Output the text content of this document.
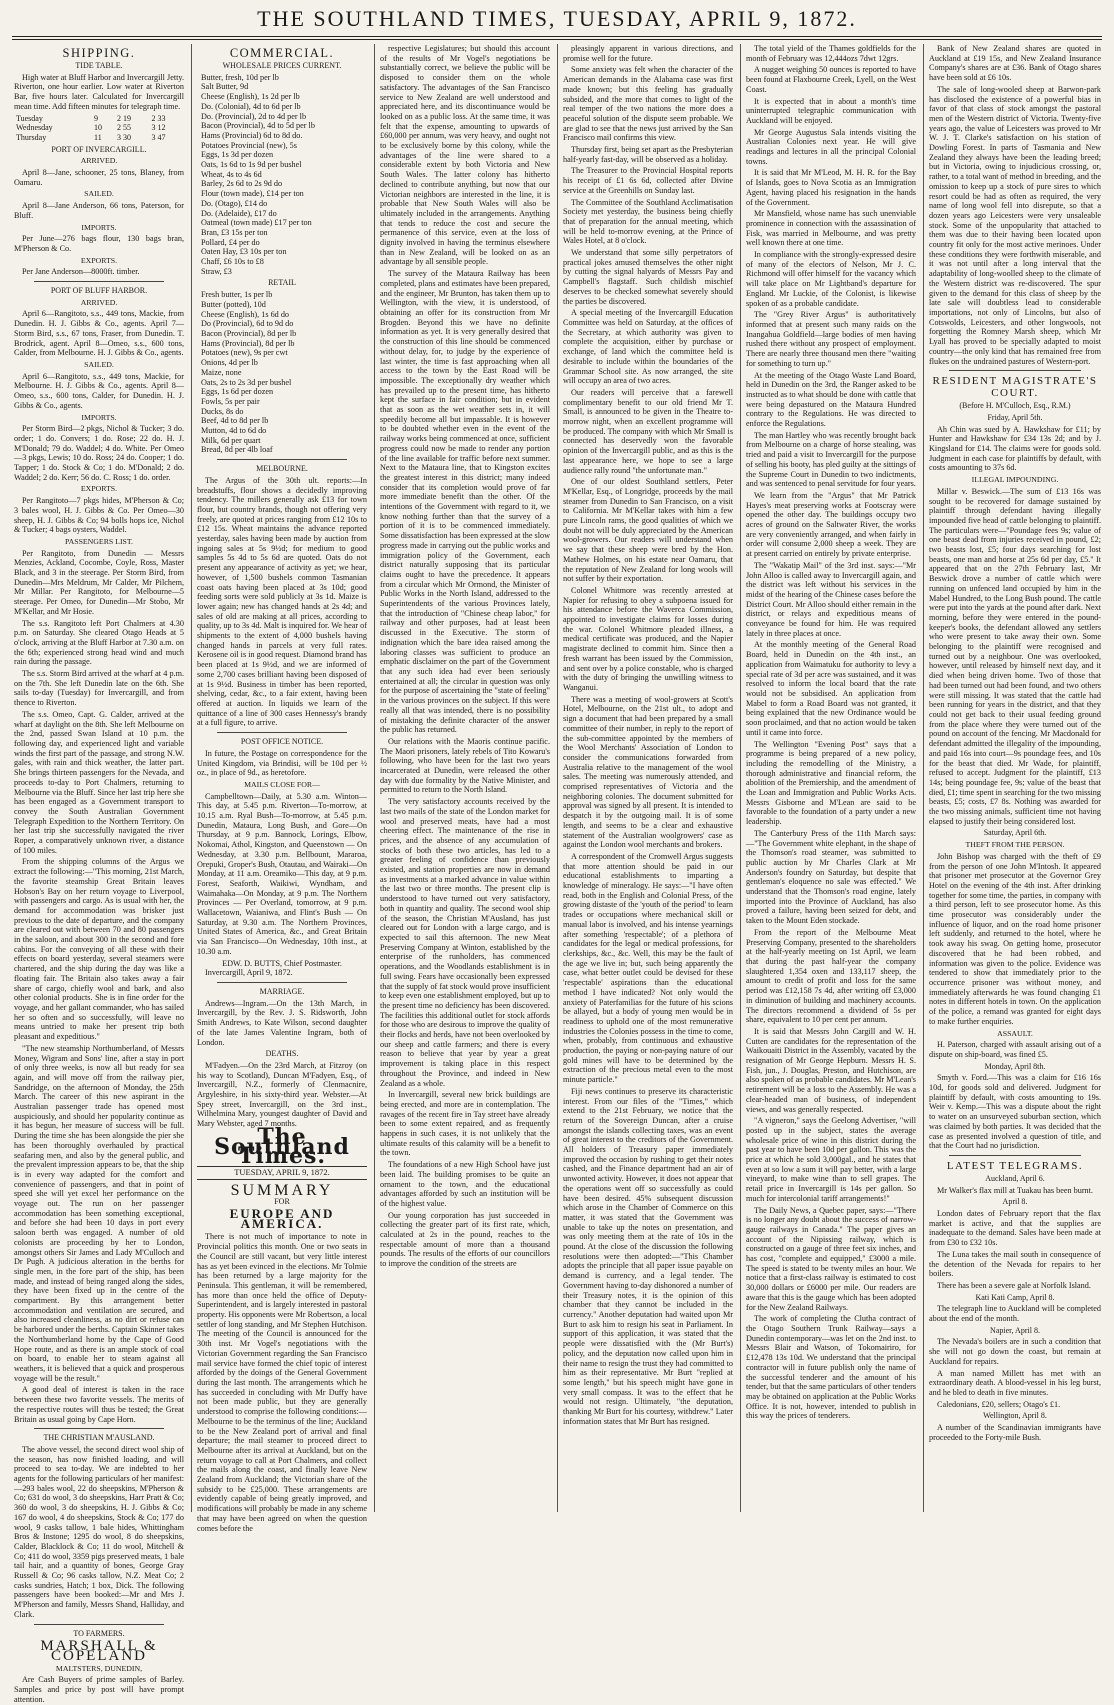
THE SOUTHLAND TIMES, TUESDAY, APRIL 9, 1872.
SHIPPING.
TIDE TABLE.

High water at Bluff Harbor and Invercargill Jetty. Riverton, one hour earlier. Low water at Riverton Bar, five hours later. Calculated for Invercargill mean time. Add fifteen minutes for telegraph time.

Tuesday	9	2 19	2 33
Wednesday	10	2 55	3 12
Thursday	11	3 30	3 47
PORT OF INVERCARGILL.
ARRIVED.

April 8—Jane, schooner, 25 tons, Blaney, from Oamaru.

SAILED.

April 8—Jane Anderson, 66 tons, Paterson, for Bluff.

IMPORTS.

Per June—276 bags flour, 130 bags bran, M'Pherson & Co.

EXPORTS.

Per Jane Anderson—8000ft. timber.

PORT OF BLUFF HARBOR.
ARRIVED.

April 6—Rangitoto, s.s., 449 tons, Mackie, from Dunedin. H. J. Gibbs & Co., agents. April 7—Storm Bird, s.s., 67 tons, Fraser, from Dunedin. T. Brodrick, agent. April 8—Omeo, s.s., 600 tons, Calder, from Melbourne. H. J. Gibbs & Co., agents.

SAILED.

April 6—Rangitoto, s.s., 449 tons, Mackie, for Melbourne. H. J. Gibbs & Co., agents. April 8—Omeo, s.s., 600 tons, Calder, for Dunedin. H. J. Gibbs & Co., agents.

IMPORTS.

Per Storm Bird—2 pkgs, Nichol & Tucker; 3 do. order; 1 do. Convers; 1 do. Rose; 22 do. H. J. M'Donald; 79 do. Waddel; 4 do. White. Per Omeo—3 pkgs, Lewis; 10 do. Ross; 24 do. Cooper; 1 do. Tapper; 1 do. Stock & Co; 1 do. M'Donald; 2 do. Waddel; 2 do. Kerr; 56 do. C. Ross; 1 do. order.

EXPORTS.

Per Rangitoto—7 pkgs hides, M'Pherson & Co; 3 bales wool, H. J. Gibbs & Co. Per Omeo—30 sheep, H. J. Gibbs & Co; 94 bolls hops ice, Nichol & Tucker; 4 bags oysters, Waddel.

PASSENGERS LIST.

Per Rangitoto, from Dunedin — Messrs Menzies, Ackland, Cocombe, Coyle, Ross, Master Black, and 3 in the steerage. Per Storm Bird, from Dunedin—Mrs Meldrum, Mr Calder, Mr Pilchem, Mr Millar. Per Rangitoto, for Melbourne—5 steerage. Per Omeo, for Dunedin—Mr Stobo, Mr M'Kellar, and Mr Hosie.

The s.s. Rangitoto left Port Chalmers at 4.30 p.m. on Saturday. She cleared Otago Heads at 5 o'clock, arriving at the Bluff Harbor at 7.30 a.m. on the 6th; experienced strong head wind and much rain during the passage.

The s.s. Storm Bird arrived at the wharf at 4 p.m. on the 7th. She left Dunedin late on the 6th. She sails to-day (Tuesday) for Invercargill, and from thence to Riverton.

The s.s. Omeo, Capt. G. Calder, arrived at the wharf at daylight on the 8th. She left Melbourne on the 2nd, passed Swan Island at 10 p.m. the following day, and experienced light and variable winds the first part of the passage, and strong N.W. gales, with rain and thick weather, the latter part. She brings thirteen passengers for the Nevada, and proceeds to-day to Port Chalmers, returning to Melbourne via the Bluff. Since her last trip here she has been engaged as a Government transport to convey the South Australian Government Telegraph Expedition to the Northern Territory. On her last trip she successfully navigated the river Roper, a comparatively unknown river, a distance of 100 miles.

From the shipping columns of the Argus we extract the following:—"This morning, 21st March, the favorite steamship Great Britain leaves Hobson's Bay on her return voyage to Liverpool, with passengers and cargo. As is usual with her, the demand for accommodation was brisker just previous to the date of departure, and the company are cleared out with between 70 and 80 passengers in the saloon, and about 300 in the second and fore cabins. For the conveying of all these with their effects on board yesterday, several steamers were chartered, and the ship during the day was like a floating fair. The Britain also takes away a fair share of cargo, chiefly wool and bark, and also other colonial products. She is in fine order for the voyage, and her gallant commander, who has sailed her so often and so successfully, will leave no means untried to make her present trip both pleasant and expeditious."

"The new steamship Northumberland, of Messrs Money, Wigram and Sons' line, after a stay in port of only three weeks, is now all but ready for sea again, and will move off from the railway pier, Sandridge, on the afternoon of Monday, the 25th March. The career of this new aspirant in the Australian passenger trade has opened most auspiciously, and should her popularity continue as it has begun, her measure of success will be full. During the time she has been alongside the pier she has been thoroughly overhauled by practical seafaring men, and also by the general public, and the prevalent impression appears to be, that the ship is in every way adapted for the comfort and convenience of passengers, and that in point of speed she will yet excel her performance on the voyage out. The run on her passenger accommodation has been something exceptional, and before she had been 10 days in port every saloon berth was engaged. A number of old colonists are proceeding by her to London, amongst others Sir James and Lady M'Culloch and Dr Pugh. A judicious alteration in the berths for single men, in the fore part of the ship, has been made, and instead of being ranged along the sides, they have been fixed up in the centre of the compartment. By this arrangement better accommodation and ventilation are secured, and also increased cleanliness, as no dirt or refuse can be harbored under the berths. Captain Skinner takes the Northumberland home by the Cape of Good Hope route, and as there is an ample stock of coal on board, to enable her to steam against all weathers, it is believed that a quick and prosperous voyage will be the result."

A good deal of interest is taken in the race between these two favorite vessels. The merits of the respective routes will thus be tested; the Great Britain as usual going by Cape Horn.

THE CHRISTIAN M'AUSLAND.

The above vessel, the second direct wool ship of the season, has now finished loading, and will proceed to sea to-day. We are indebted to her agents for the following particulars of her manifest:—293 bales wool, 22 do sheepskins, M'Pherson & Co; 631 do wool, 3 do sheepskins, Harr Pratt & Co; 360 do wool, 3 do sheepskins, H. J. Gibbs & Co; 167 do wool, 4 do sheepskins, Stock & Co; 177 do wool, 9 casks tallow, 1 bale hides, Whittingham Bros & Instone; 1295 do wool, 8 do sheepskins, Calder, Blacklock & Co; 11 do wool, Mitchell & Co; 411 do wool, 3359 pigs preserved meats, 1 bale tail hair, and a quantity of bones, George Gray Russell & Co; 96 casks tallow, N.Z. Meat Co; 2 casks sundries, Hatch; 1 box, Dick. The following passengers have been booked:—Mr and Mrs J. M'Pherson and family, Messrs Shand, Halliday, and Clark.

TO FARMERS.
MARSHALL & COPELAND
MALTSTERS, DUNEDIN,

Are Cash Buyers of prime samples of Barley. Samples and price by post will have prompt attention.

COMMERCIAL.
WHOLESALE PRICES CURRENT.
Butter, fresh, 10d per lb
Salt Butter, 9d
Cheese (English), 1s 2d per lb
Do. (Colonial), 4d to 6d per lb
Do. (Provincial), 2d to 4d per lb
Bacon (Provincial), 4d to 5d per lb
Hams (Provincial) 6d to 8d do.
Potatoes Provincial (new), 5s
Eggs, 1s 3d per dozen
Oats, 1s 6d to 1s 9d per bushel
Wheat, 4s to 4s 6d
Barley, 2s 6d to 2s 9d do
Flour (town made), £14 per ton
Do. (Otago), £14 do
Do. (Adelaide), £17 do
Oatmeal (town made) £17 per ton
Bran, £3 15s per ton
Pollard, £4 per do
Oaten Hay, £3 10s per ton
Chaff, £6 10s to £8
Straw, £3
RETAIL
Fresh butter, 1s per lb
Butter (potted), 10d
Cheese (English), 1s 6d do
Do (Provincial), 6d to 9d do
Bacon (Provincial), 8d per lb
Hams (Provincial), 8d per lb
Potatoes (new), 9s per cwt
Onions, 4d per lb
Maize, none
Oats, 2s to 2s 3d per bushel
Eggs, 1s 6d per dozen
Fowls, 5s per pair
Ducks, 8s do
Beef, 4d to 8d per lb
Mutton, 4d to 6d do
Milk, 6d per quart
Bread, 8d per 4lb loaf
MELBOURNE.

The Argus of the 30th ult. reports:—In breadstuffs, flour shows a decidedly improving tendency. The millers generally ask £13 for town flour, but country brands, though not offering very freely, are quoted at prices ranging from £12 10s to £12 15s. Wheat maintains the advance reported yesterday, sales having been made by auction from ingoing sales at 5s 9½d; for medium to good samples 5s 4d to 5s 6d are quoted. Oats do not present any appearance of activity as yet; we hear, however, of 1,500 bushels common Tasmanian coast oats having been placed at 3s 10d; good feeding sorts were sold publicly at 3s 1d. Maize is lower again; new has changed hands at 2s 4d; and sales of old are making at all prices, according to quality, up to 3s 4d. Malt is inquired for. We hear of shipments to the extent of 4,000 bushels having changed hands in parcels at very full rates. Kerosene oil is in good request. Diamond brand has been placed at 1s 9½d, and we are informed of some 2,700 cases brilliant having been disposed of at 1s 9½d. Business in timber has been reported, shelving, cedar, &c., to a fair extent, having been offered at auction. In liquids we learn of the quittance of a line of 300 cases Hennessy's brandy at a full figure, to arrive.

POST OFFICE NOTICE.

In future, the Postage on correspondence for the United Kingdom, via Brindisi, will be 10d per ½ oz., in place of 9d., as heretofore.

MAILS CLOSE FOR—

Campbelltown—Daily, at 5.30 a.m. Winton—This day, at 5.45 p.m. Riverton—To-morrow, at 10.15 a.m. Ryal Bush—To-morrow, at 5.45 p.m. Dunedin, Mataura, Long Bush, and Gore—On Thursday, at 9 p.m. Bannock, Lorings, Elbow, Nokomai, Athol, Kingston, and Queenstown — On Wednesday, at 3.30 p.m. Bellbount, Mararoa, Orepuki, Groper's Bush, Otautau, and Wairaki—On Monday, at 11 a.m. Oreamiko—This day, at 9 p.m. Forest, Seaforth, Waikiwi, Wyndham, and Waimahaka—On Monday, at 9 p.m. The Northern Provinces — Per Overland, tomorrow, at 9 p.m. Wallacetown, Waianiwa, and Flint's Bush — On Saturday, at 9.30 a.m. The Northern Provinces, United States of America, &c., and Great Britain via San Francisco—On Wednesday, 10th inst., at 10.30 a.m.

EDW. D. BUTTS, Chief Postmaster.

Invercargill, April 9, 1872.

MARRIAGE.

Andrews—Ingram.—On the 13th March, in Invercargill, by the Rev. J. S. Ridsworth, John Smith Andrews, to Kate Wilson, second daughter of the late James Valentine Ingram, both of London.

DEATHS.

M'Fadyen.—On the 23rd March, at Fitzroy (on his way to Scotland), Duncan M'Fadyen, Esq., of Invercargill, N.Z., formerly of Clenmacnire, Argyleshire, in his sixty-third year. Webster.—At Spey street, Invercargill, on the 3rd inst., Wilhelmina Mary, youngest daughter of David and Mary Webster, aged 7 months.

The Southland Times.
TUESDAY, APRIL 9, 1872.
SUMMARY
FOR
EUROPE AND AMERICA.

There is not much of importance to note in Provincial politics this month. One or two seats in the Council are still vacant, but very little interest has as yet been evinced in the elections. Mr Tolmie has been returned by a large majority for the Peninsula. This gentleman, it will be remembered, has more than once held the office of Deputy-Superintendent, and is largely interested in pastoral property. His opponents were Mr Robertson, a local settler of long standing, and Mr Stephen Hutchison. The meeting of the Council is announced for the 30th inst. Mr Vogel's negotiations with the Victorian Government regarding the San Francisco mail service have formed the chief topic of interest afforded by the doings of the General Government during the last month. The arrangements which he has succeeded in concluding with Mr Duffy have not been made public, but they are generally understood to comprise the following conditions:—Melbourne to be the terminus of the line; Auckland to be the New Zealand port of arrival and final departure; the mail steamer to proceed direct to Melbourne after its arrival at Auckland, but on the return voyage to call at Port Chalmers, and collect the mails along the coast, and finally leave New Zealand from Auckland; the Victorian share of the subsidy to be £25,000. These arrangements are evidently capable of being greatly improved, and modifications will probably be made in any scheme that may have been agreed on when the question comes before the

respective Legislatures; but should this account of the results of Mr Vogel's negotiations be substantially correct, we believe the public will be disposed to consider them on the whole satisfactory. The advantages of the San Francisco service to New Zealand are well understood and appreciated here, and its discontinuance would be looked on as a public loss. At the same time, it was felt that the expense, amounting to upwards of £60,000 per annum, was very heavy, and ought not to be exclusively borne by this colony, while the advantages of the line were shared to a considerable extent by both Victoria and New South Wales. The latter colony has hitherto declined to contribute anything, but now that our Victorian neighbors are interested in the line, it is probable that New South Wales will also be ultimately included in the arrangements. Anything that tends to reduce the cost and secure the permanence of this service, even at the loss of dignity involved in having the terminus elsewhere than in New Zealand, will be looked on as an advantage by all sensible people.

The survey of the Mataura Railway has been completed, plans and estimates have been prepared, and the engineer, Mr Brunton, has taken them up to Wellington, with the view, it is understood, of obtaining an offer for its construction from Mr Brogden. Beyond this we have no definite information as yet. It is very generally desired that the construction of this line should be commenced without delay, for, to judge by the experience of last winter, the time is fast approaching when all access to the town by the East Road will be impossible. The exceptionally dry weather which has prevailed up to the present time, has hitherto kept the surface in fair condition; but in evident that as soon as the wet weather sets in, it will speedily become all but impassable. It is however to be doubted whether even in the event of the railway works being commenced at once, sufficient progress could now be made to render any portion of the line available for traffic before next summer. Next to the Mataura line, that to Kingston excites the greatest interest in this district; many indeed consider that its completion would prove of far more immediate benefit than the other. Of the intentions of the Government with regard to it, we know nothing further than that the survey of a portion of it is to be commenced immediately. Some dissatisfaction has been expressed at the slow progress made in carrying out the public works and immigration policy of the Government, each district naturally supposing that its particular claims ought to have the precedence. It appears from a circular which Mr Ormond, the Minister of Public Works in the North Island, addressed to the Superintendents of the various Provinces lately, that the introduction of "Chinese cheap labor," for railway and other purposes, had at least been discussed in the Executive. The storm of indignation which the bare idea raised among the laboring classes was sufficient to produce an emphatic disclaimer on the part of the Government that any such idea had ever been seriously entertained at all; the circular in question was only for the purpose of ascertaining the "state of feeling" in the various provinces on the subject. If this were really all that was intended, there is no possibility of mistaking the definite character of the answer the public has returned.

Our relations with the Maoris continue pacific. The Maori prisoners, lately rebels of Tito Kowaru's following, who have been for the last two years incarcerated at Dunedin, were released the other day with due formality by the Native Minister, and permitted to return to the North Island.

The very satisfactory accounts received by the last two mails of the state of the London market for wool and preserved meats, have had a most cheering effect. The maintenance of the rise in prices, and the absence of any accumulation of stocks of both these two articles, has led to a greater feeling of confidence than previously existed, and station properties are now in demand as investments at a marked advance in value within the last two or three months. The present clip is understood to have turned out very satisfactory, both in quantity and quality. The second wool ship of the season, the Christian M'Ausland, has just cleared out for London with a large cargo, and is expected to sail this afternoon. The new Meat Preserving Company at Winton, established by the enterprise of the runholders, has commenced operations, and the Woodlands establishment is in full swing. Fears have occasionally been expressed that the supply of fat stock would prove insufficient to keep even one establishment employed, but up to the present time no deficiency has been discovered. The facilities this additional outlet for stock affords for those who are desirous to improve the quality of their flocks and herds, have not been overlooked by our sheep and cattle farmers; and there is every reason to believe that year by year a great improvement is taking place in this respect throughout the Province, and indeed in New Zealand as a whole.

In Invercargill, several new brick buildings are being erected, and more are in contemplation. The ravages of the recent fire in Tay street have already been to some extent repaired, and as frequently happens in such cases, it is not unlikely that the ultimate results of this calamity will be a benefit to the town.

The foundations of a new High School have just been laid. The building promises to be quite an ornament to the town, and the educational advantages afforded by such an institution will be of the highest value.

Our young corporation has just succeeded in collecting the greater part of its first rate, which, calculated at 2s in the pound, reaches to the respectable amount of more than a thousand pounds. The results of the efforts of our councillors to improve the condition of the streets are

pleasingly apparent in various directions, and promise well for the future.

Some anxiety was felt when the character of the American demands in the Alabama case was first made known; but this feeling has gradually subsided, and the more that comes to light of the real temper of the two nations the more does a peaceful solution of the dispute seem probable. We are glad to see that the news just arrived by the San Francisco mail confirms this view.

Thursday first, being set apart as the Presbyterian half-yearly fast-day, will be observed as a holiday.

The Treasurer to the Provincial Hospital reports his receipt of £1 6s 6d, collected after Divine service at the Greenhills on Sunday last.

The Committee of the Southland Acclimatisation Society met yesterday, the business being chiefly that of preparation for the annual meeting, which will be held to-morrow evening, at the Prince of Wales Hotel, at 8 o'clock.

We understand that some silly perpetrators of practical jokes amused themselves the other night by cutting the signal halyards of Messrs Pay and Campbell's flagstaff. Such childish mischief deserves to be checked somewhat severely should the parties be discovered.

A special meeting of the Invercargill Education Committee was held on Saturday, at the offices of the Secretary, at which authority was given to complete the acquisition, either by purchase or exchange, of land which the committee held is desirable to include within the boundaries of the Grammar School site. As now arranged, the site will occupy an area of two acres.

Our readers will perceive that a farewell complimentary benefit to our old friend Mr T. Small, is announced to be given in the Theatre to-morrow night, when an excellent programme will be produced. The company with which Mr Small is connected has deservedly won the favorable opinion of the Invercargill public, and as this is the last appearance here, we hope to see a large audience rally round "the unfortunate man."

One of our oldest Southland settlers, Peter M'Kellar, Esq., of Longridge, proceeds by the mail steamer from Dunedin to San Francisco, on a visit to California. Mr M'Kellar takes with him a few pure Lincoln rams, the good qualities of which we doubt not will be duly appreciated by the American wool-growers. Our readers will understand when we say that these sheep were bred by the Hon. Mathew Holmes, on his estate near Oamaru, that the reputation of New Zealand for long wools will not suffer by their exportation.

Colonel Whitmore was recently arrested at Napier for refusing to obey a subpoena issued for his attendance before the Waverca Commission, appointed to investigate claims for losses during the war. Colonel Whitmore pleaded illness, a medical certificate was produced, and the Napier magistrate declined to commit him. Since then a fresh warrant has been issued by the Commission, and sent over by a police constable, who is charged with the duty of bringing the unwilling witness to Wanganui.

There was a meeting of wool-growers at Scott's Hotel, Melbourne, on the 21st ult., to adopt and sign a document that had been prepared by a small committee of their number, in reply to the report of the sub-committee appointed by the members of the Wool Merchants' Association of London to consider the communications forwarded from Australia relative to the management of the wool sales. The meeting was numerously attended, and comprised representatives of Victoria and the neighboring colonies. The document submitted for approval was signed by all present. It is intended to despatch it by the outgoing mail. It is of some length, and seems to be a clear and exhaustive statement of the Australian woolgrowers' case as against the London wool merchants and brokers.

A correspondent of the Cromwell Argus suggests that more attention should be paid in our educational establishments to imparting a knowledge of mineralogy. He says:—"I have often read, both in the English and Colonial Press, of the growing distaste of the 'youth of the period' to learn trades or occupations where mechanical skill or manual labor is involved, and his intense yearnings after something 'respectable'; of a plethora of candidates for the legal or medical professions, for clerkships, &c., &c. Well, this may be the fault of the age we live in; but, such being apparently the case, what better outlet could be devised for these 'respectable' aspirations than the educational method I have indicated? Not only would the anxiety of Paterfamilias for the future of his scions be allayed, but a body of young men would be in readiness to uphold one of the most remunerative industries the Colonies possess in the time to come, when, probably, from continuous and exhaustive production, the paying or non-paying nature of our gold mines will have to be determined by the extraction of the precious metal even to the most minute particle."

Fiji news continues to preserve its characteristic interest. From our files of the "Times," which extend to the 21st February, we notice that the return of the Sovereign Duncan, after a cruise amongst the islands collecting taxes, was an event of great interest to the creditors of the Government. All holders of Treasury paper immediately improved the occasion by rushing to get their notes cashed, and the Finance department had an air of unwonted activity. However, it does not appear that the operations went off so successfully as could have been desired. 45% subsequent discussion which arose in the Chamber of Commerce on this matter, it was stated that the Government was unable to take up the notes on presentation, and was only meeting them at the rate of 10s in the pound. At the close of the discussion the following resolutions were then adopted:—"This Chamber adopts the principle that all paper issue payable on demand is currency, and a legal tender. The Government having to-day dishonored a number of their Treasury notes, it is the opinion of this chamber that they cannot be included in the currency." Another deputation had waited upon Mr Burt to ask him to resign his seat in Parliament. In support of this application, it was stated that the people were dissatisfied with the (Mr Burt's) policy, and the deputation now called upon him in their name to resign the trust they had committed to him as their representative. Mr Burt "replied at some length," but his speech might have gone in very small compass. It was to the effect that he would not resign. Ultimately, "the deputation, thanking Mr Burt for his courtesy, withdrew." Later information states that Mr Burt has resigned.

The total yield of the Thames goldfields for the month of February was 12,444ozs 7dwt 12grs.

A nugget weighing 50 ounces is reported to have been found at Flaxbourne Creek, Lyell, on the West Coast.

It is expected that in about a month's time uninterrupted telegraphic communication with Auckland will be enjoyed.

Mr George Augustus Sala intends visiting the Australian Colonies next year. He will give readings and lectures in all the principal Colonial towns.

It is said that Mr M'Leod, M. H. R. for the Bay of Islands, goes to Nova Scotia as an Immigration Agent, having placed his resignation in the hands of the Government.

Mr Mansfield, whose name has such unenviable prominence in connection with the assassination of Fisk, was married in Melbourne, and was pretty well known there at one time.

In compliance with the strongly-expressed desire of many of the electors of Nelson, Mr J. C. Richmond will offer himself for the vacancy which will take place on Mr Lightband's departure for England. Mr Luckie, of the Colonist, is likewise spoken of as a probable candidate.

The "Grey River Argus" is authoritatively informed that at present such many raids on the Inangahua Goldfield—large bodies of men having rushed there without any prospect of employment. There are nearly three thousand men there "waiting for something to turn up."

At the meeting of the Otago Waste Land Board, held in Dunedin on the 3rd, the Ranger asked to be instructed as to what should be done with cattle that were being depastured on the Mataura Hundred contrary to the Regulations. He was directed to enforce the Regulations.

The man Hartley who was recently brought back from Melbourne on a charge of horse stealing, was tried and paid a visit to Invercargill for the purpose of selling his booty, has pled guilty at the sittings of the Supreme Court in Dunedin to two indictments, and was sentenced to penal servitude for four years.

We learn from the "Argus" that Mr Patrick Hayes's meat preserving works at Footscray were opened the other day. The buildings occupy two acres of ground on the Saltwater River, the works are very conveniently arranged, and when fairly in order will consume 2,000 sheep a week. They are at present carried on entirely by private enterprise.

The "Wakatip Mail" of the 3rd inst. says:—"Mr John Alloo is called away to Invercargill again, and the district was left without his services in the midst of the hearing of the Chinese cases before the District Court. Mr Alloo should either remain in the district, or relays and expeditious means of conveyance be found for him. He was required lately in three places at once.

At the monthly meeting of the General Road Board, held in Dunedin on the 4th inst., an application from Waimatuku for authority to levy a special rate of 3d per acre was sustained, and it was resolved to inform the local board that the rate would not be subsidised. An application from Mabel to form a Road Board was not granted, it being explained that the new Ordinance would be soon proclaimed, and that no action would be taken until it came into force.

The Wellington "Evening Post" says that a programme is being prepared of a new policy, including the remodelling of the Ministry, a thorough administrative and financial reform, the abolition of the Premiership, and the amendment of the Loan and Immigration and Public Works Acts. Messrs Gisborne and M'Lean are said to be favorable to the foundation of a party under a new leadership.

The Canterbury Press of the 11th March says:—"The Government white elephant, in the shape of the Thomson's road steamer, was submitted to public auction by Mr Charles Clark at Mr Anderson's foundry on Saturday, but despite that gentleman's eloquence no sale was effected." We understand that the Thomson's road engine, lately imported into the Province of Auckland, has also proved a failure, having been seized for debt, and taken to the Mount Eden stockade.

From the report of the Melbourne Meat Preserving Company, presented to the shareholders at the half-yearly meeting on 1st April, we learn that during the past half-year the company slaughtered 1,354 oxen and 133,117 sheep, the amount to credit of profit and loss for the same period was £12,158 7s 4d, after writing off £3,000 in diminution of building and machinery accounts. The directors recommend a dividend of 5s per share, equivalent to 10 per cent per annum.

It is said that Messrs John Cargill and W. H. Cutten are candidates for the representation of the Waikouaiti District in the Assembly, vacated by the resignation of Mr George Hepburn. Messrs H. S. Fish, jun., J. Douglas, Preston, and Hutchison, are also spoken of as probable candidates. Mr M'Lean's retirement will be a loss to the Assembly. He was a clear-headed man of business, of independent views, and was generally respected.

"A vigneron," says the Geelong Advertiser, "will posted up in the subject, states the average wholesale price of wine in this district during the past year to have been 10d per gallon. This was the price at which he sold 3,000gal., and he states that even at so low a sum it will pay better, with a large vineyard, to make wine than to sell grapes. The retail price in Invercargill is 14s per gallon. So much for intercolonial tariff arrangements!"

The Daily News, a Quebec paper, says:—"There is no longer any doubt about the success of narrow-gauge railways in Canada." The paper gives an account of the Nipissing railway, which is constructed on a gauge of three feet six inches, and has cost, "complete and equipped," £3000 a mile. The speed is stated to be twenty miles an hour. We notice that a first-class railway is estimated to cost 30,000 dollars or £6000 per mile. Our readers are aware that this is the gauge which has been adopted for the New Zealand Railways.

The work of completing the Clutha contract of the Otago Southern Trunk Railway—says a Dunedin contemporary—was let on the 2nd inst. to Messrs Blair and Watson, of Tokomairiro, for £12,478 13s 10d. We understand that the principal contractor will in future publish only the name of the successful tenderer and the amount of his tender, but that the same particulars of other tenders may be obtained on application at the Public Works Office. It is not, however, intended to publish in this way the prices of tenderers.

Bank of New Zealand shares are quoted in Auckland at £19 15s, and New Zealand Insurance Company's shares are at £36. Bank of Otago shares have been sold at £6 10s.

The sale of long-wooled sheep at Barwon-park has disclosed the existence of a powerful bias in favor of that class of stock amongst the pastoral men of the Western district of Victoria. Twenty-five years ago, the value of Leicesters was proved to Mr W. J. T. Clarke's satisfaction on his station of Dowling Forest. In parts of Tasmania and New Zealand they always have been the leading breed; but in Victoria, owing to injudicious crossing, or, rather, to a total want of method in breeding, and the omission to keep up a stock of pure sires to which resort could be had as often as required, the very name of long wool fell into disrepute, so that a dozen years ago Leicesters were very unsaleable stock. Some of the unpopularity that attached to them was due to their having been located upon country fit only for the most active merinoes. Under these conditions they were forthwith miserable, and it was not until after a long interval that the adaptability of long-woolled sheep to the climate of the Western district was re-discovered. The spur given to the demand for this class of sheep by the late sale will doubtless lead to considerable importations, not only of Lincolns, but also of Cotswolds, Leicesters, and other longwools, not forgetting the Romney Marsh sheep, which Mr Lyall has proved to be specially adapted to moist country—the only kind that has remained free from flukes on the undrained pastures of Western-port.

RESIDENT MAGISTRATE'S COURT.
(Before H. M'Culloch, Esq., R.M.)
Friday, April 5th.

Ah Chin was sued by A. Hawkshaw for £11; by Hunter and Hawkshaw for £34 13s 2d; and by J. Kingsland for £14. The claims were for goods sold. Judgment in each case for plaintiffs by default, with costs amounting to 37s 6d.

ILLEGAL IMPOUNDING.

Millar v. Beswick.—The sum of £13 16s was sought to be recovered for damage sustained by plaintiff through defendant having illegally impounded five head of cattle belonging to plaintiff. The particulars were—"Poundage fees 9s; value of one beast dead from injuries received in pound, £2; two beasts lost, £5; four days searching for lost beasts, one man and horse at 25s 6d per day, £5." It appeared that on the 27th February last, Mr Beswick drove a number of cattle which were running on unfenced land occupied by him in the Mabel Hundred, to the Long Bush pound. The cattle were put into the yards at the pound after dark. Next morning, before they were entered in the pound-keeper's books, the defendant allowed any settlers who were present to take away their own. Some belonging to the plaintiff were recognised and turned out by a neighbour. One was overlooked, however, until released by himself next day, and it died when being driven home. Two of those that had been turned out had been found, and two others were still missing. It was stated that the cattle had been running for years in the district, and that they could not get back to their usual feeding ground from the place where they were turned out of the pound on account of the fencing. Mr Macdonald for defendant admitted the illegality of the impounding, and paid 16s into court—9s poundage fees, and 10s for the beast that died. Mr Wade, for plaintiff, refused to accept. Judgment for the plaintiff, £13 14s; being poundage fee, 9s; value of the beast that died, £1; time spent in searching for the two missing beasts, £5; costs, £7 8s. Nothing was awarded for the two missing animals, sufficient time not having elapsed to justify their being considered lost.

Saturday, April 6th.
THEFT FROM THE PERSON.

John Bishop was charged with the theft of £9 from the person of one John M'Intosh. It appeared that prisoner met prosecutor at the Governor Grey Hotel on the evening of the 4th inst. After drinking together for some time, the parties, in company with a third person, left to see prosecutor home. As this time prosecutor was considerably under the influence of liquor, and on the road home prisoner left suddenly, and returned to the hotel, where he took away his swag. On getting home, prosecutor discovered that he had been robbed, and information was given to the police. Evidence was tendered to show that immediately prior to the occurrence prisoner was without money, and immediately afterwards he was found changing £1 notes in different hotels in town. On the application of the police, a remand was granted for eight days to make further enquiries.

ASSAULT.

H. Paterson, charged with assault arising out of a dispute on ship-board, was fined £5.

Monday, April 8th.

Smyth v. Ford.—This was a claim for £16 16s 10d, for goods sold and delivered. Judgment for plaintiff by default, with costs amounting to 19s. Weir v. Kemp.—This was a dispute about the right to water on an unsurveyed suburban section, which was claimed by both parties. It was decided that the case as presented involved a question of title, and that the Court had no jurisdiction.

LATEST TELEGRAMS.
Auckland, April 6.

Mr Walker's flax mill at Tuakau has been burnt.

April 8.

London dates of February report that the flax market is active, and that the supplies are inadequate to the demand. Sales have been made at from £30 to £32 10s.

The Luna takes the mail south in consequence of the detention of the Nevada for repairs to her boilers.

There has been a severe gale at Norfolk Island.

Kati Kati Camp, April 8.

The telegraph line to Auckland will be completed about the end of the month.

Napier, April 8.

The Nevada's boilers are in such a condition that she will not go down the coast, but remain at Auckland for repairs.

A man named Millett has met with an extraordinary death. A blood-vessel in his leg burst, and he bled to death in five minutes.

Caledonians, £20, sellers; Otago's £1.

Wellington, April 8.

A number of the Scandinavian immigrants have proceeded to the Forty-mile Bush.
